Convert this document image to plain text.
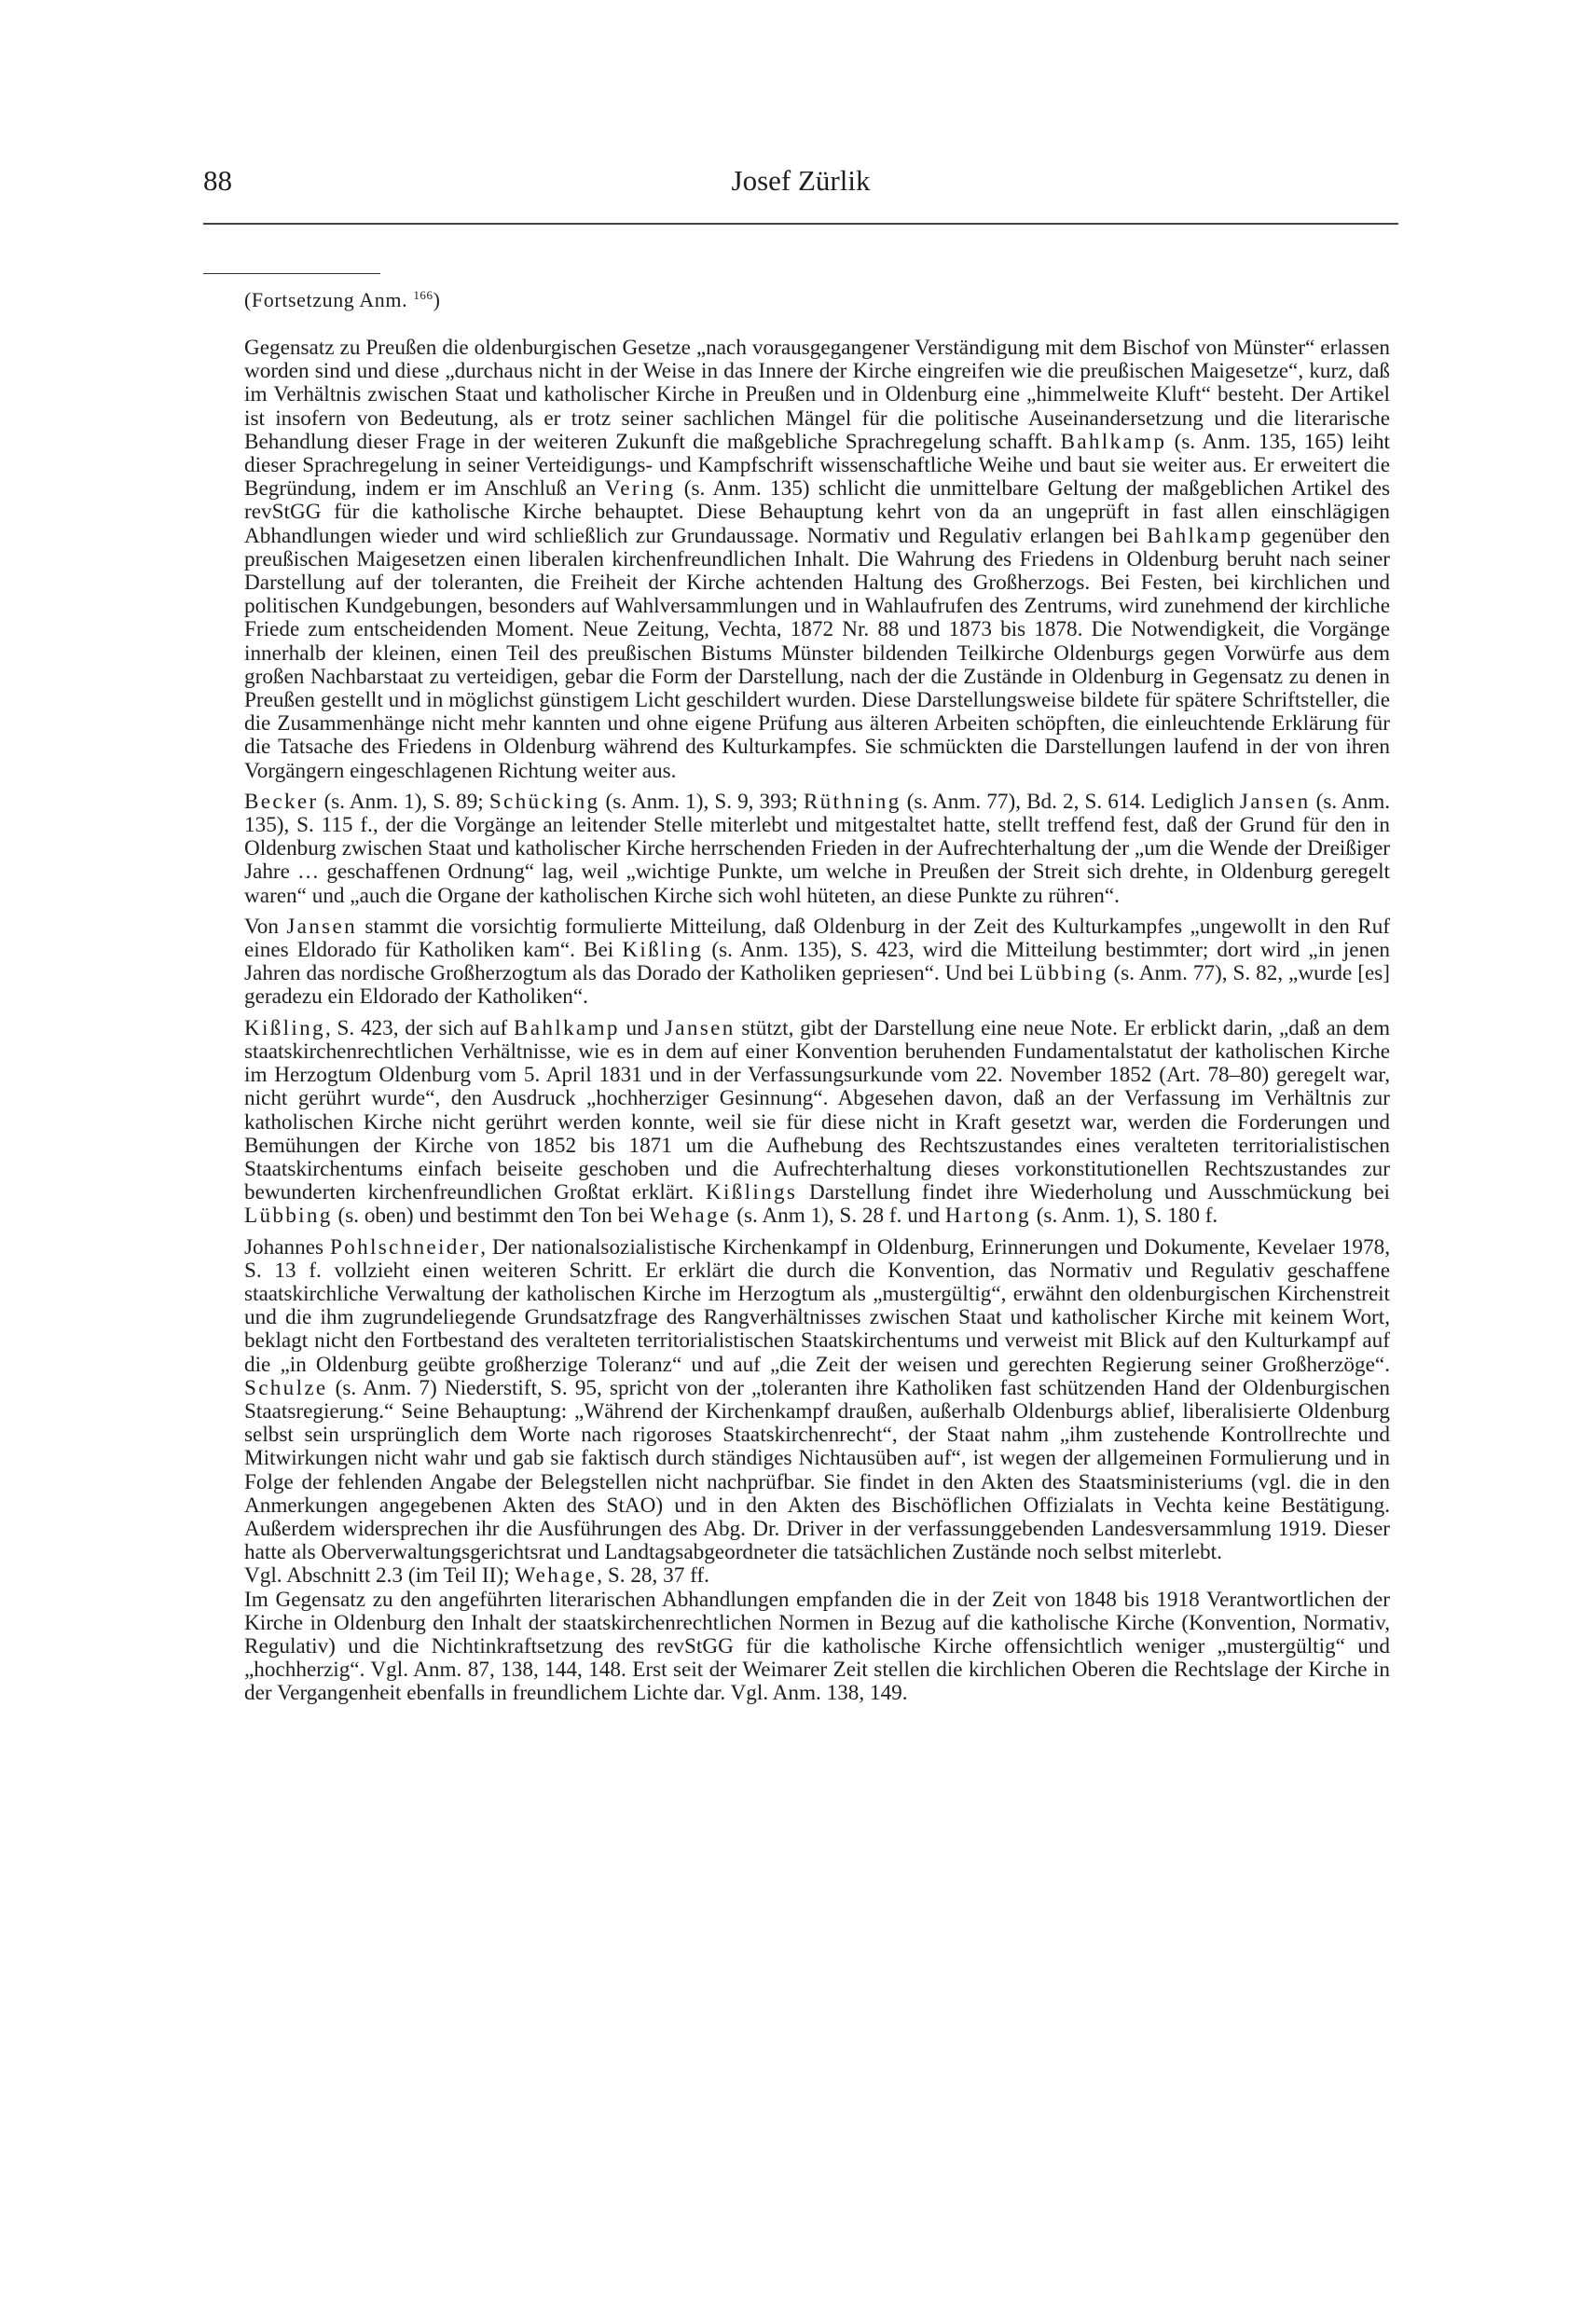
88	Josef Zürlik
(Fortsetzung Anm. $^{166}$)

Gegensatz zu Preußen die oldenburgischen Gesetze „nach vorausgegangener Verständigung mit dem Bischof von Münster“ erlassen worden sind und diese „durchaus nicht in der Weise in das Innere der Kirche eingreifen wie die preußischen Maigesetze“, kurz, daß im Verhältnis zwischen Staat und katholischer Kirche in Preußen und in Oldenburg eine „himmelweite Kluft“ besteht. Der Artikel ist insofern von Bedeutung, als er trotz seiner sachlichen Mängel für die politische Auseinandersetzung und die literarische Behandlung dieser Frage in der weiteren Zukunft die maßgebliche Sprachregelung schafft. Bahlkamp (s. Anm. 135, 165) leiht dieser Sprachregelung in seiner Verteidigungs- und Kampfschrift wissenschaftliche Weihe und baut sie weiter aus. Er erweitert die Begründung, indem er im Anschluß an Vering (s. Anm. 135) schlicht die unmittelbare Geltung der maßgeblichen Artikel des revStGG für die katholische Kirche behauptet. Diese Behauptung kehrt von da an ungeprüft in fast allen einschlägigen Abhandlungen wieder und wird schließlich zur Grundaussage. Normativ und Regulativ erlangen bei Bahlkamp gegenüber den preußischen Maigesetzen einen liberalen kirchenfreundlichen Inhalt. Die Wahrung des Friedens in Oldenburg beruht nach seiner Darstellung auf der toleranten, die Freiheit der Kirche achtenden Haltung des Großherzogs. Bei Festen, bei kirchlichen und politischen Kundgebungen, besonders auf Wahlversammlungen und in Wahlaufrufen des Zentrums, wird zunehmend der kirchliche Friede zum entscheidenden Moment. Neue Zeitung, Vechta, 1872 Nr. 88 und 1873 bis 1878. Die Notwendigkeit, die Vorgänge innerhalb der kleinen, einen Teil des preußischen Bistums Münster bildenden Teilkirche Oldenburgs gegen Vorwürfe aus dem großen Nachbarstaat zu verteidigen, gebar die Form der Darstellung, nach der die Zustände in Oldenburg in Gegensatz zu denen in Preußen gestellt und in möglichst günstigem Licht geschildert wurden. Diese Darstellungsweise bildete für spätere Schriftsteller, die die Zusammenhänge nicht mehr kannten und ohne eigene Prüfung aus älteren Arbeiten schöpften, die einleuchtende Erklärung für die Tatsache des Friedens in Oldenburg während des Kulturkampfes. Sie schmückten die Darstellungen laufend in der von ihren Vorgängern eingeschlagenen Richtung weiter aus.

Becker (s. Anm. 1), S. 89; Schücking (s. Anm. 1), S. 9, 393; Rüthning (s. Anm. 77), Bd. 2, S. 614. Lediglich Jansen (s. Anm. 135), S. 115 f., der die Vorgänge an leitender Stelle miterlebt und mitgestaltet hatte, stellt treffend fest, daß der Grund für den in Oldenburg zwischen Staat und katholischer Kirche herrschenden Frieden in der Aufrechterhaltung der „um die Wende der Dreißiger Jahre … geschaffenen Ordnung“ lag, weil „wichtige Punkte, um welche in Preußen der Streit sich drehte, in Oldenburg geregelt waren“ und „auch die Organe der katholischen Kirche sich wohl hüteten, an diese Punkte zu rühren“.

Von Jansen stammt die vorsichtig formulierte Mitteilung, daß Oldenburg in der Zeit des Kulturkampfes „ungewollt in den Ruf eines Eldorado für Katholiken kam“. Bei Kißling (s. Anm. 135), S. 423, wird die Mitteilung bestimmter; dort wird „in jenen Jahren das nordische Großherzogtum als das Dorado der Katholiken gepriesen“. Und bei Lübbing (s. Anm. 77), S. 82, „wurde [es] geradezu ein Eldorado der Katholiken“.

Kißling, S. 423, der sich auf Bahlkamp und Jansen stützt, gibt der Darstellung eine neue Note. Er erblickt darin, „daß an dem staatskirchenrechtlichen Verhältnisse, wie es in dem auf einer Konvention beruhenden Fundamentalstatut der katholischen Kirche im Herzogtum Oldenburg vom 5. April 1831 und in der Verfassungsurkunde vom 22. November 1852 (Art. 78–80) geregelt war, nicht gerührt wurde“, den Ausdruck „hochherziger Gesinnung“. Abgesehen davon, daß an der Verfassung im Verhältnis zur katholischen Kirche nicht gerührt werden konnte, weil sie für diese nicht in Kraft gesetzt war, werden die Forderungen und Bemühungen der Kirche von 1852 bis 1871 um die Aufhebung des Rechtszustandes eines veralteten territorialistischen Staatskirchentums einfach beiseite geschoben und die Aufrechterhaltung dieses vorkonstitutionellen Rechtszustandes zur bewunderten kirchenfreundlichen Großtat erklärt. Kißlings Darstellung findet ihre Wiederholung und Ausschmückung bei Lübbing (s. oben) und bestimmt den Ton bei Wehage (s. Anm 1), S. 28 f. und Hartong (s. Anm. 1), S. 180 f.

Johannes Pohlschneider, Der nationalsozialistische Kirchenkampf in Oldenburg, Erinnerungen und Dokumente, Kevelaer 1978, S. 13 f. vollzieht einen weiteren Schritt. Er erklärt die durch die Konvention, das Normativ und Regulativ geschaffene staatskirchliche Verwaltung der katholischen Kirche im Herzogtum als „mustergültig“, erwähnt den oldenburgischen Kirchenstreit und die ihm zugrundeliegende Grundsatzfrage des Rangverhältnisses zwischen Staat und katholischer Kirche mit keinem Wort, beklagt nicht den Fortbestand des veralteten territorialistischen Staatskirchentums und verweist mit Blick auf den Kulturkampf auf die „in Oldenburg geübte großherzige Toleranz“ und auf „die Zeit der weisen und gerechten Regierung seiner Großherzöge“. Schulze (s. Anm. 7) Niederstift, S. 95, spricht von der „toleranten ihre Katholiken fast schützenden Hand der Oldenburgischen Staatsregierung.“ Seine Behauptung: „Während der Kirchenkampf draußen, außerhalb Oldenburgs ablief, liberalisierte Oldenburg selbst sein ursprünglich dem Worte nach rigoroses Staatskirchenrecht“, der Staat nahm „ihm zustehende Kontrollrechte und Mitwirkungen nicht wahr und gab sie faktisch durch ständiges Nichtausüben auf“, ist wegen der allgemeinen Formulierung und in Folge der fehlenden Angabe der Belegstellen nicht nachprüfbar. Sie findet in den Akten des Staatsministeriums (vgl. die in den Anmerkungen angegebenen Akten des StAO) und in den Akten des Bischöflichen Offizialats in Vechta keine Bestätigung. Außerdem widersprechen ihr die Ausführungen des Abg. Dr. Driver in der verfassunggebenden Landesversammlung 1919. Dieser hatte als Oberverwaltungsgerichtsrat und Landtagsabgeordneter die tatsächlichen Zustände noch selbst miterlebt.

Vgl. Abschnitt 2.3 (im Teil II); Wehage, S. 28, 37 ff.

Im Gegensatz zu den angeführten literarischen Abhandlungen empfanden die in der Zeit von 1848 bis 1918 Verantwortlichen der Kirche in Oldenburg den Inhalt der staatskirchenrechtlichen Normen in Bezug auf die katholische Kirche (Konvention, Normativ, Regulativ) und die Nichtinkraftsetzung des revStGG für die katholische Kirche offensichtlich weniger „mustergültig“ und „hochherzig“. Vgl. Anm. 87, 138, 144, 148. Erst seit der Weimarer Zeit stellen die kirchlichen Oberen die Rechtslage der Kirche in der Vergangenheit ebenfalls in freundlichem Lichte dar. Vgl. Anm. 138, 149.
